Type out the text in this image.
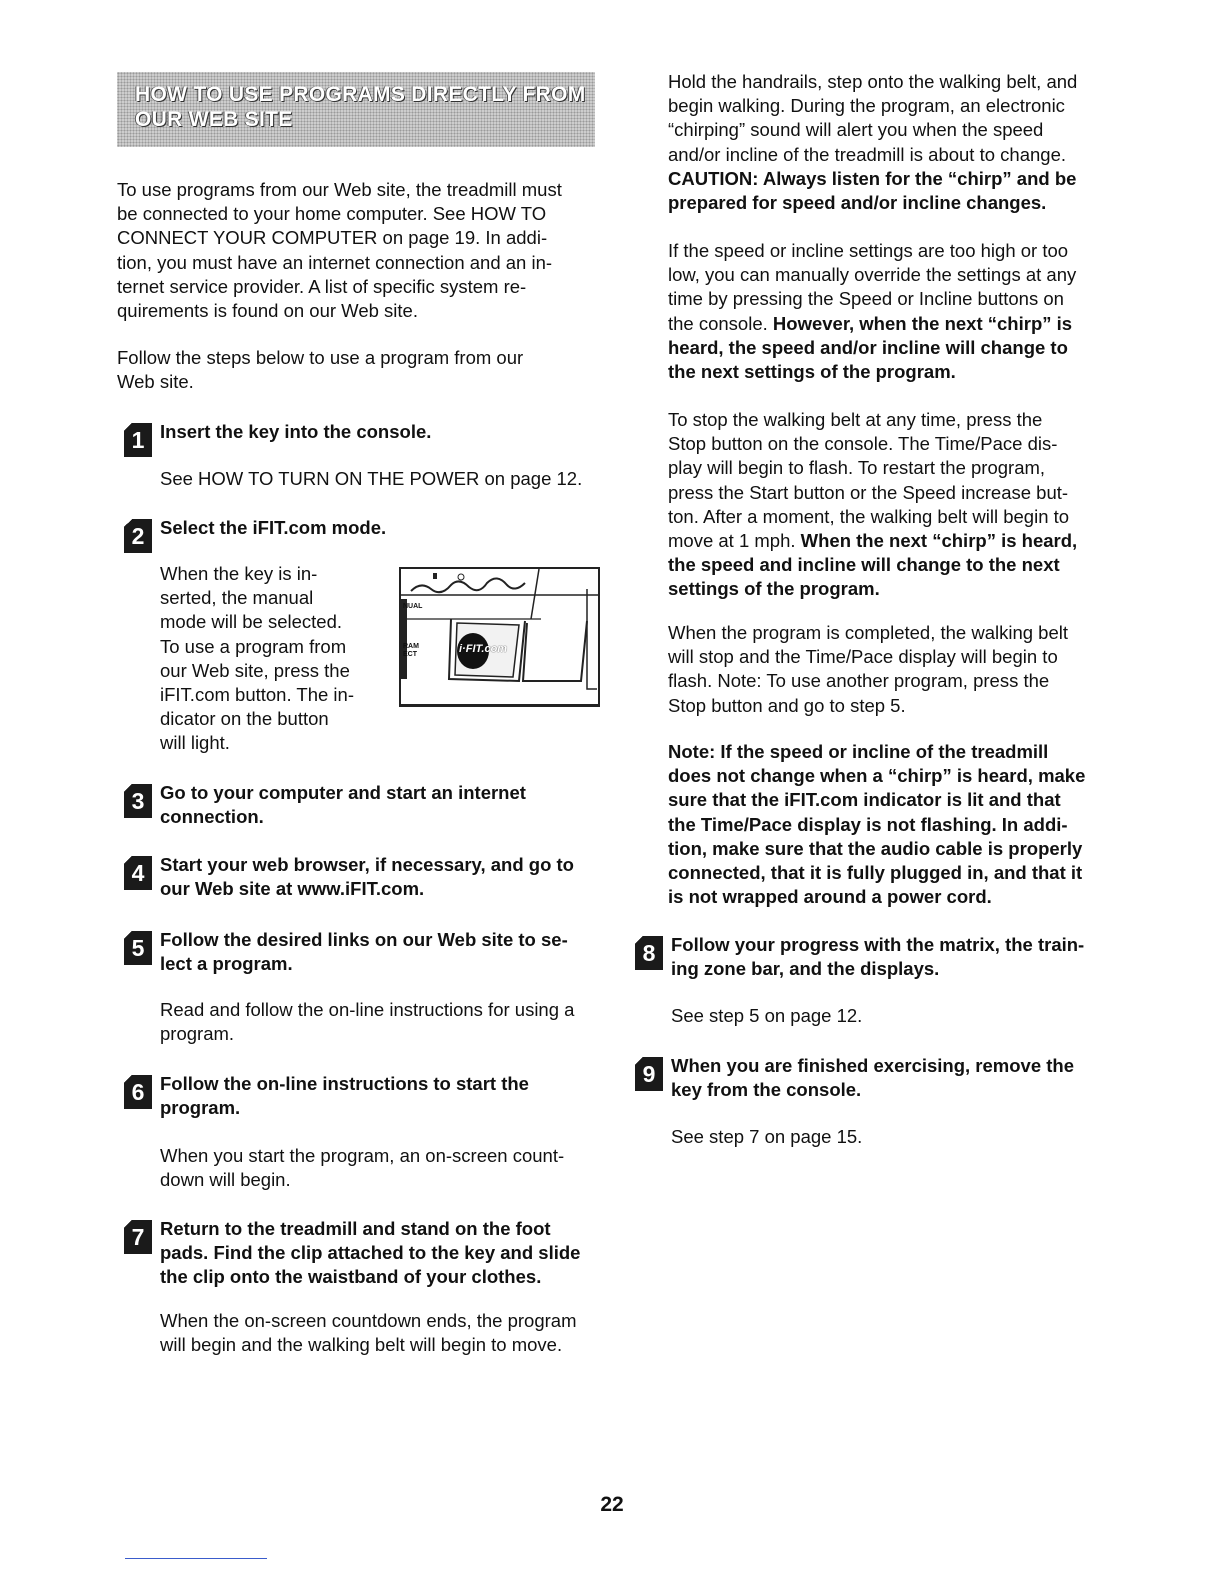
HOW TO USE PROGRAMS DIRECTLY FROM
OUR WEB SITE
To use programs from our Web site, the treadmill must
be connected to your home computer. See HOW TO
CONNECT YOUR COMPUTER on page 19. In addi-
tion, you must have an internet connection and an in-
ternet service provider. A list of specific system re-
quirements is found on our Web site.
Follow the steps below to use a program from our
Web site.
1 Insert the key into the console.
See HOW TO TURN ON THE POWER on page 12.
2 Select the iFIT.com mode.
When the key is in-
serted, the manual
mode will be selected.
To use a program from
our Web site, press the
iFIT.com button. The in-
dicator on the button
will light.
NUAL
RAM
ECT	i·FIT.com
3 Go to your computer and start an internet
connection.
4 Start your web browser, if necessary, and go to
our Web site at www.iFIT.com.
5 Follow the desired links on our Web site to se-
lect a program.
Read and follow the on-line instructions for using a
program.
6 Follow the on-line instructions to start the
program.
When you start the program, an on-screen count-
down will begin.
7 Return to the treadmill and stand on the foot
pads. Find the clip attached to the key and slide
the clip onto the waistband of your clothes.
When the on-screen countdown ends, the program
will begin and the walking belt will begin to move.
Hold the handrails, step onto the walking belt, and
begin walking. During the program, an electronic
“chirping” sound will alert you when the speed
and/or incline of the treadmill is about to change.
CAUTION: Always listen for the “chirp” and be
prepared for speed and/or incline changes.
If the speed or incline settings are too high or too
low, you can manually override the settings at any
time by pressing the Speed or Incline buttons on
the console. However, when the next “chirp” is
heard, the speed and/or incline will change to
the next settings of the program.
To stop the walking belt at any time, press the
Stop button on the console. The Time/Pace dis-
play will begin to flash. To restart the program,
press the Start button or the Speed increase but-
ton. After a moment, the walking belt will begin to
move at 1 mph. When the next “chirp” is heard,
the speed and incline will change to the next
settings of the program.
When the program is completed, the walking belt
will stop and the Time/Pace display will begin to
flash. Note: To use another program, press the
Stop button and go to step 5.
Note: If the speed or incline of the treadmill
does not change when a “chirp” is heard, make
sure that the iFIT.com indicator is lit and that
the Time/Pace display is not flashing. In addi-
tion, make sure that the audio cable is properly
connected, that it is fully plugged in, and that it
is not wrapped around a power cord.
8 Follow your progress with the matrix, the train-
ing zone bar, and the displays.
See step 5 on page 12.
9 When you are finished exercising, remove the
key from the console.
See step 7 on page 15.
22
